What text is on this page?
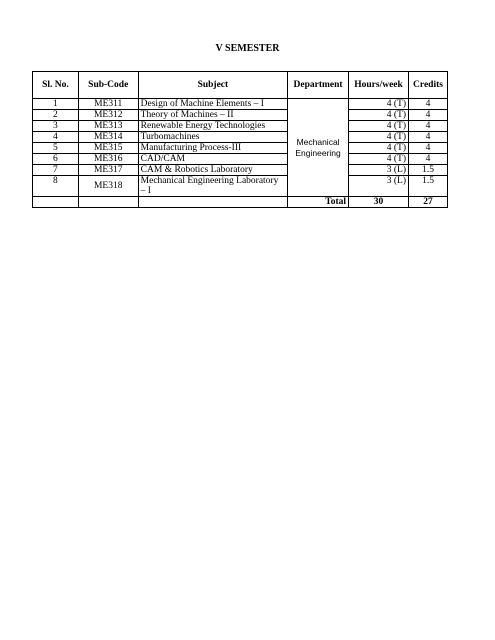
V SEMESTER
Sl. No.	Sub-Code	Subject	Department	Hours/week	Credits
1	ME311	Design of Machine Elements – I	Mechanical Engineering	4 (T)	4
2	ME312	Theory of Machines – II		4 (T)	4
3	ME313	Renewable Energy Technologies		4 (T)	4
4	ME314	Turbomachines		4 (T)	4
5	ME315	Manufacturing Process-III		4 (T)	4
6	ME316	CAD/CAM		4 (T)	4
7	ME317	CAM & Robotics Laboratory		3 (L)	1.5
8	ME318	Mechanical Engineering Laboratory – I		3 (L)	1.5
			Total	30	27
